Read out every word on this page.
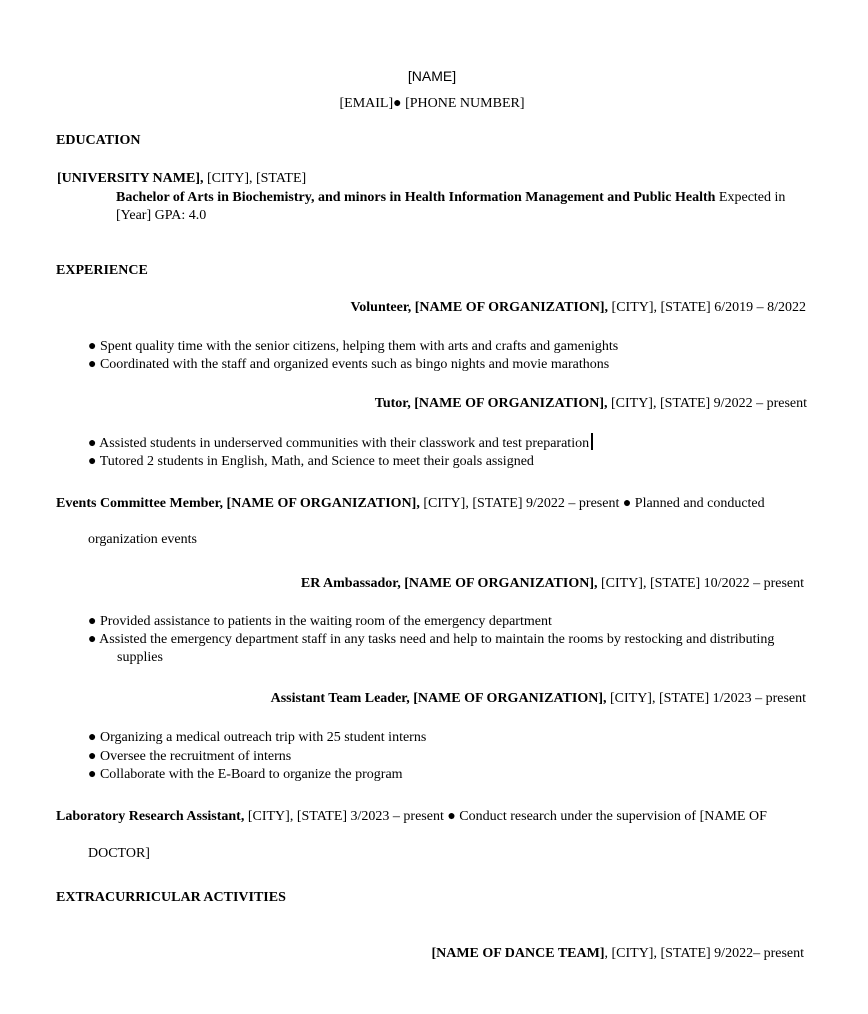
[NAME]
[EMAIL]● [PHONE NUMBER]
EDUCATION
[UNIVERSITY NAME], [CITY], [STATE]
Bachelor of Arts in Biochemistry, and minors in Health Information Management and Public Health Expected in
[Year] GPA: 4.0
EXPERIENCE
Volunteer, [NAME OF ORGANIZATION], [CITY], [STATE] 6/2019 – 8/2022
● Spent quality time with the senior citizens, helping them with arts and crafts and gamenights
● Coordinated with the staff and organized events such as bingo nights and movie marathons
Tutor, [NAME OF ORGANIZATION], [CITY], [STATE] 9/2022 – present
● Assisted students in underserved communities with their classwork and test preparation
● Tutored 2 students in English, Math, and Science to meet their goals assigned
Events Committee Member, [NAME OF ORGANIZATION], [CITY], [STATE] 9/2022 – present ● Planned and conducted
organization events
ER Ambassador, [NAME OF ORGANIZATION], [CITY], [STATE] 10/2022 – present
● Provided assistance to patients in the waiting room of the emergency department
● Assisted the emergency department staff in any tasks need and help to maintain the rooms by restocking and distributing
supplies
Assistant Team Leader, [NAME OF ORGANIZATION], [CITY], [STATE] 1/2023 – present
● Organizing a medical outreach trip with 25 student interns
● Oversee the recruitment of interns
● Collaborate with the E-Board to organize the program
Laboratory Research Assistant, [CITY], [STATE] 3/2023 – present ● Conduct research under the supervision of [NAME OF
DOCTOR]
EXTRACURRICULAR ACTIVITIES
[NAME OF DANCE TEAM], [CITY], [STATE] 9/2022– present
